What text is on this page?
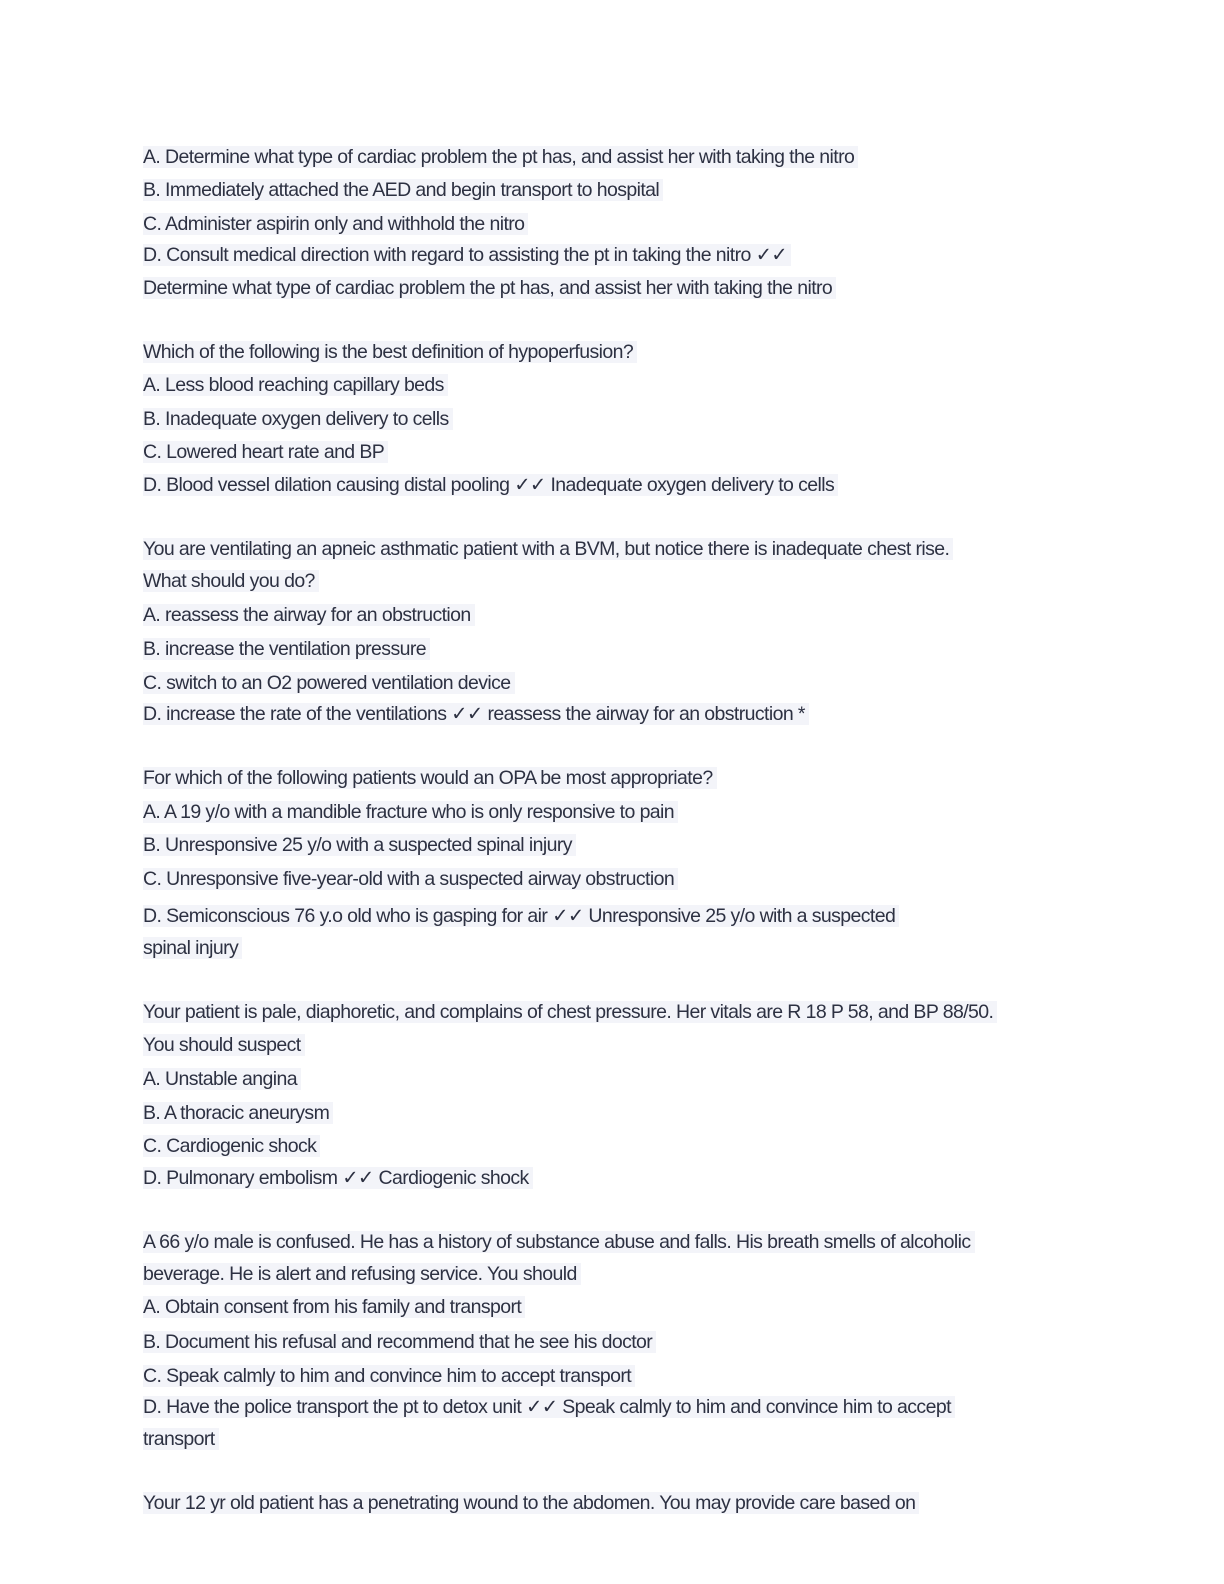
A. Determine what type of cardiac problem the pt has, and assist her with taking the nitro
B. Immediately attached the AED and begin transport to hospital
C. Administer aspirin only and withhold the nitro
D. Consult medical direction with regard to assisting the pt in taking the nitro ✓✓
Determine what type of cardiac problem the pt has, and assist her with taking the nitro
Which of the following is the best definition of hypoperfusion?
A. Less blood reaching capillary beds
B. Inadequate oxygen delivery to cells
C. Lowered heart rate and BP
D. Blood vessel dilation causing distal pooling ✓✓ Inadequate oxygen delivery to cells
You are ventilating an apneic asthmatic patient with a BVM, but notice there is inadequate chest rise.
What should you do?
A. reassess the airway for an obstruction
B. increase the ventilation pressure
C. switch to an O2 powered ventilation device
D. increase the rate of the ventilations ✓✓ reassess the airway for an obstruction *
For which of the following patients would an OPA be most appropriate?
A. A 19 y/o with a mandible fracture who is only responsive to pain
B. Unresponsive 25 y/o with a suspected spinal injury
C. Unresponsive five-year-old with a suspected airway obstruction
D. Semiconscious 76 y.o old who is gasping for air ✓✓ Unresponsive 25 y/o with a suspected
spinal injury
Your patient is pale, diaphoretic, and complains of chest pressure. Her vitals are R 18 P 58, and BP 88/50.
You should suspect
A. Unstable angina
B. A thoracic aneurysm
C. Cardiogenic shock
D. Pulmonary embolism ✓✓ Cardiogenic shock
A 66 y/o male is confused. He has a history of substance abuse and falls. His breath smells of alcoholic
beverage. He is alert and refusing service. You should
A. Obtain consent from his family and transport
B. Document his refusal and recommend that he see his doctor
C. Speak calmly to him and convince him to accept transport
D. Have the police transport the pt to detox unit ✓✓ Speak calmly to him and convince him to accept
transport
Your 12 yr old patient has a penetrating wound to the abdomen. You may provide care based on
